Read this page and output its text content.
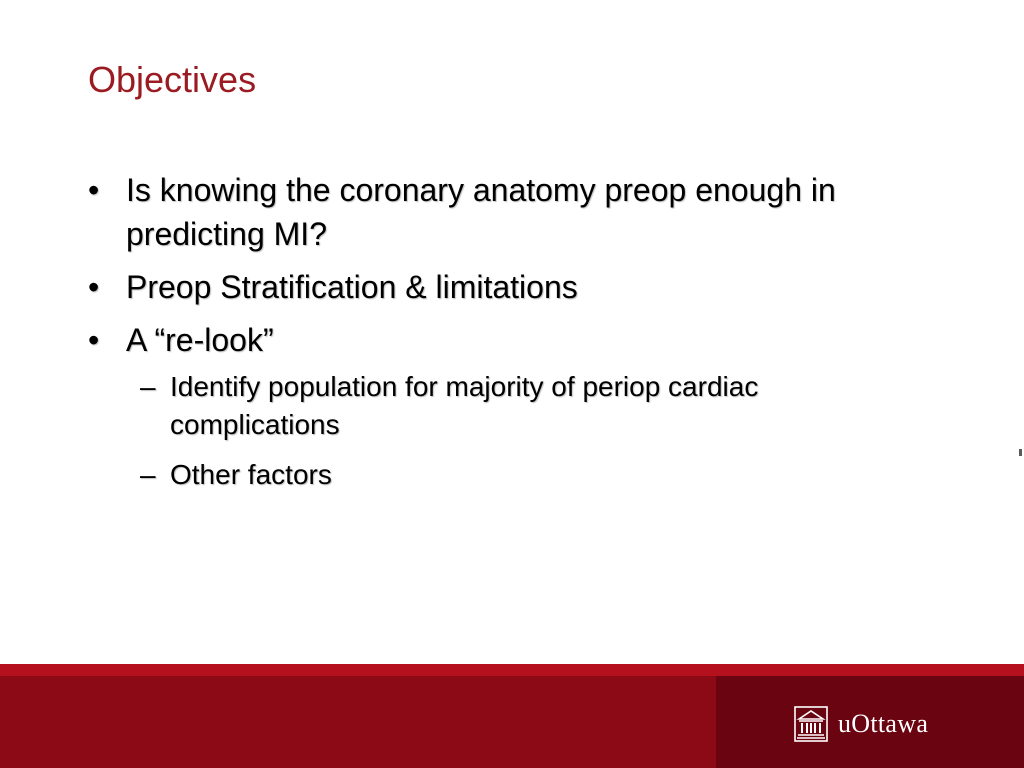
Objectives
• Is knowing the coronary anatomy preop enough in predicting MI?
• Preop Stratification & limitations
• A “re-look”
– Identify population for majority of periop cardiac complications
– Other factors
uOttawa
